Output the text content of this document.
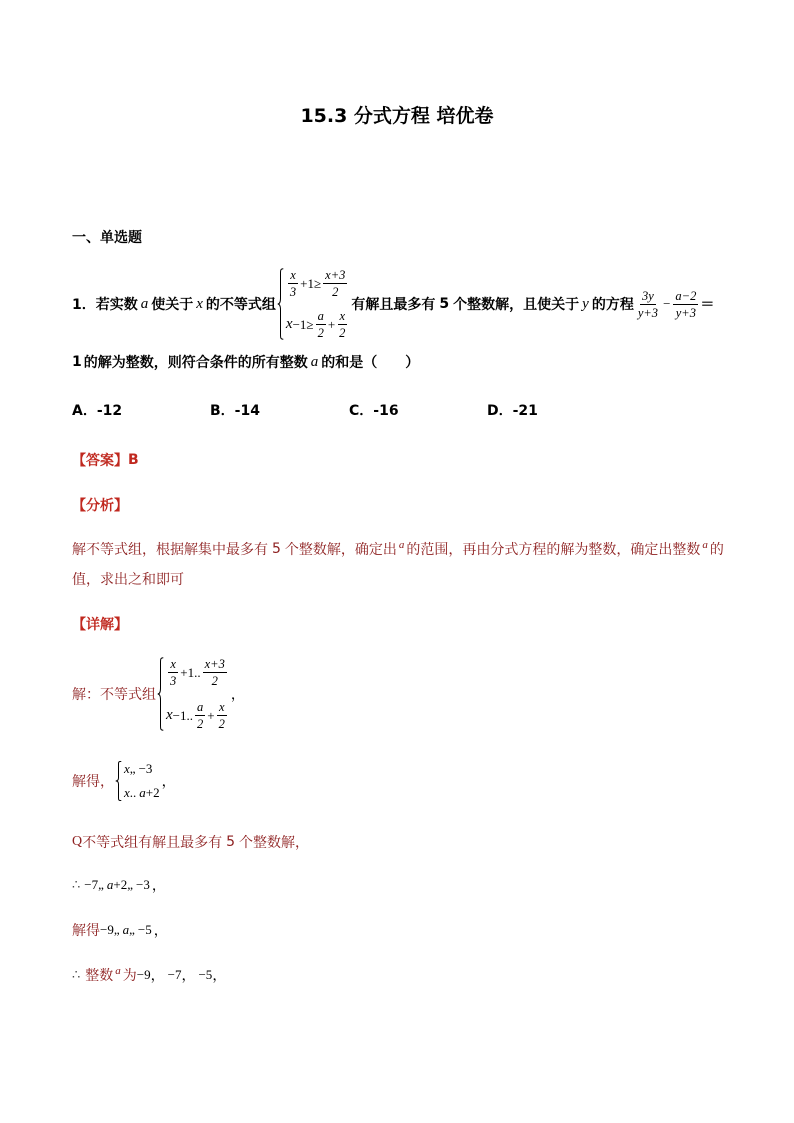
15.3 分式方程 培优卷
一、单选题
1． 若实数 a 使关于 x 的不等式组
$\frac{x}{3} +1\ge \frac{x+3}{2}$
$x -1\ge \frac{a}{2} + \frac{x}{2}$
有解且最多有 5 个整数解，且使关于 y 的方程 $\frac{3y}{y+3} - \frac{a-2}{y+3}$ ＝
1 的解为整数，则符合条件的所有整数 a 的和是（　　）
A．-12	B．-14	C．-16	D．-21
【答案】 B
【分析】
解不等式组，根据解集中最多有 5 个整数解，确定出 a 的范围，再由分式方程的解为整数，确定出整数 a 的
值，求出之和即可
【详解】
解：不等式组
$\frac{x}{3} +1$.. $\frac{x+3}{2}$
x −1.. $\frac{a}{2} + \frac{x}{2}$
，
解得，
x „ −3
x .. a +2
，
Q 不等式组有解且最多有 5 个整数解，
∴ −7„ a +2„ −3 ，
解得 −9„ a „ −5 ，
∴ 整数 a 为 −9 ， −7 ， −5 ，
